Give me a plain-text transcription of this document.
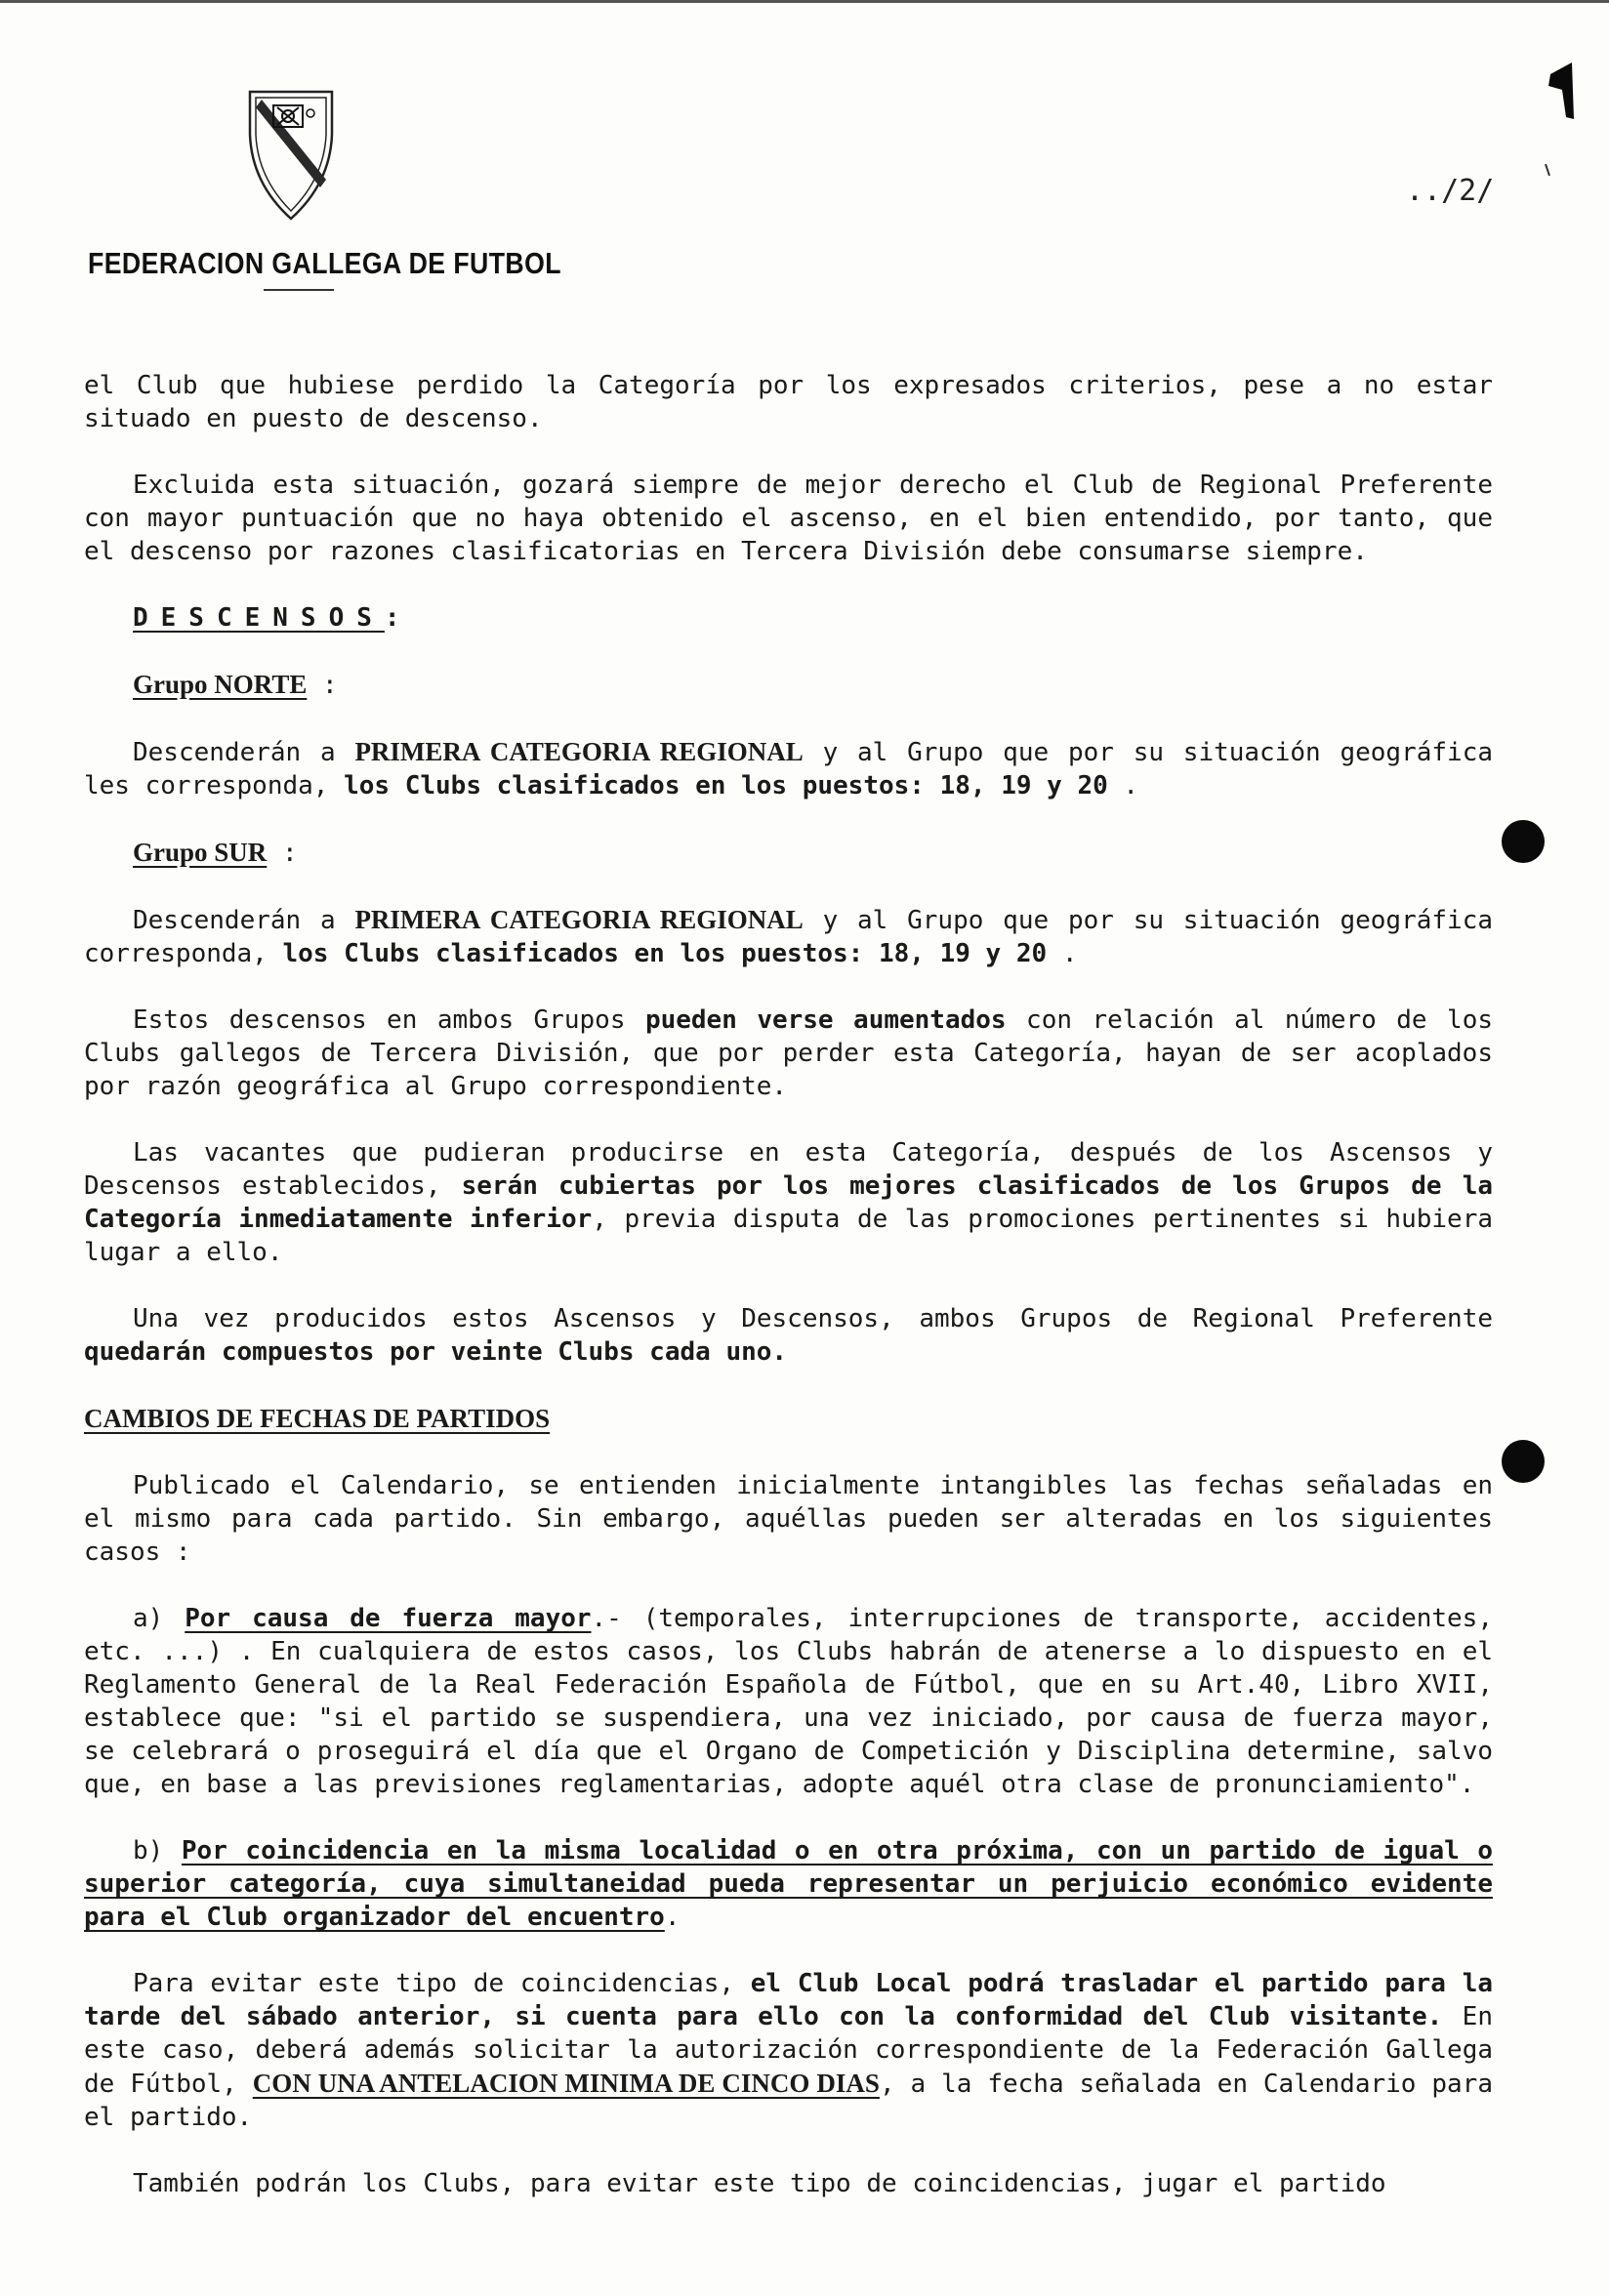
FEDERACION GALLEGA DE FUTBOL
../2/

el Club que hubiese perdido la Categoría por los expresados criterios, pese a no estar situado en puesto de descenso.

Excluida esta situación, gozará siempre de mejor derecho el Club de Regional Preferente con mayor puntuación que no haya obtenido el ascenso, en el bien entendido, por tanto, que el descenso por razones clasificatorias en Tercera División debe consumarse siempre.

DESCENSOS:

Grupo NORTE :

Descenderán a PRIMERA CATEGORIA REGIONAL y al Grupo que por su situación geográfica les corresponda, los Clubs clasificados en los puestos: 18, 19 y 20 .

Grupo SUR :

Descenderán a PRIMERA CATEGORIA REGIONAL y al Grupo que por su situación geográfica corresponda, los Clubs clasificados en los puestos: 18, 19 y 20 .

Estos descensos en ambos Grupos pueden verse aumentados con relación al número de los Clubs gallegos de Tercera División, que por perder esta Categoría, hayan de ser acoplados por razón geográfica al Grupo correspondiente.

Las vacantes que pudieran producirse en esta Categoría, después de los Ascensos y Descensos establecidos, serán cubiertas por los mejores clasificados de los Grupos de la Categoría inmediatamente inferior, previa disputa de las promociones pertinentes si hubiera lugar a ello.

Una vez producidos estos Ascensos y Descensos, ambos Grupos de Regional Preferente quedarán compuestos por veinte Clubs cada uno.

CAMBIOS DE FECHAS DE PARTIDOS

Publicado el Calendario, se entienden inicialmente intangibles las fechas señaladas en el mismo para cada partido. Sin embargo, aquéllas pueden ser alteradas en los siguientes casos :

a) Por causa de fuerza mayor.- (temporales, interrupciones de transporte, accidentes, etc. ...) . En cualquiera de estos casos, los Clubs habrán de atenerse a lo dispuesto en el Reglamento General de la Real Federación Española de Fútbol, que en su Art.40, Libro XVII, establece que: "si el partido se suspendiera, una vez iniciado, por causa de fuerza mayor, se celebrará o proseguirá el día que el Organo de Competición y Disciplina determine, salvo que, en base a las previsiones reglamentarias, adopte aquél otra clase de pronunciamiento".

b) Por coincidencia en la misma localidad o en otra próxima, con un partido de igual o superior categoría, cuya simultaneidad pueda representar un perjuicio económico evidente para el Club organizador del encuentro.

Para evitar este tipo de coincidencias, el Club Local podrá trasladar el partido para la tarde del sábado anterior, si cuenta para ello con la conformidad del Club visitante. En este caso, deberá además solicitar la autorización correspondiente de la Federación Gallega de Fútbol, CON UNA ANTELACION MINIMA DE CINCO DIAS, a la fecha señalada en Calendario para el partido.

También podrán los Clubs, para evitar este tipo de coincidencias, jugar el partido
